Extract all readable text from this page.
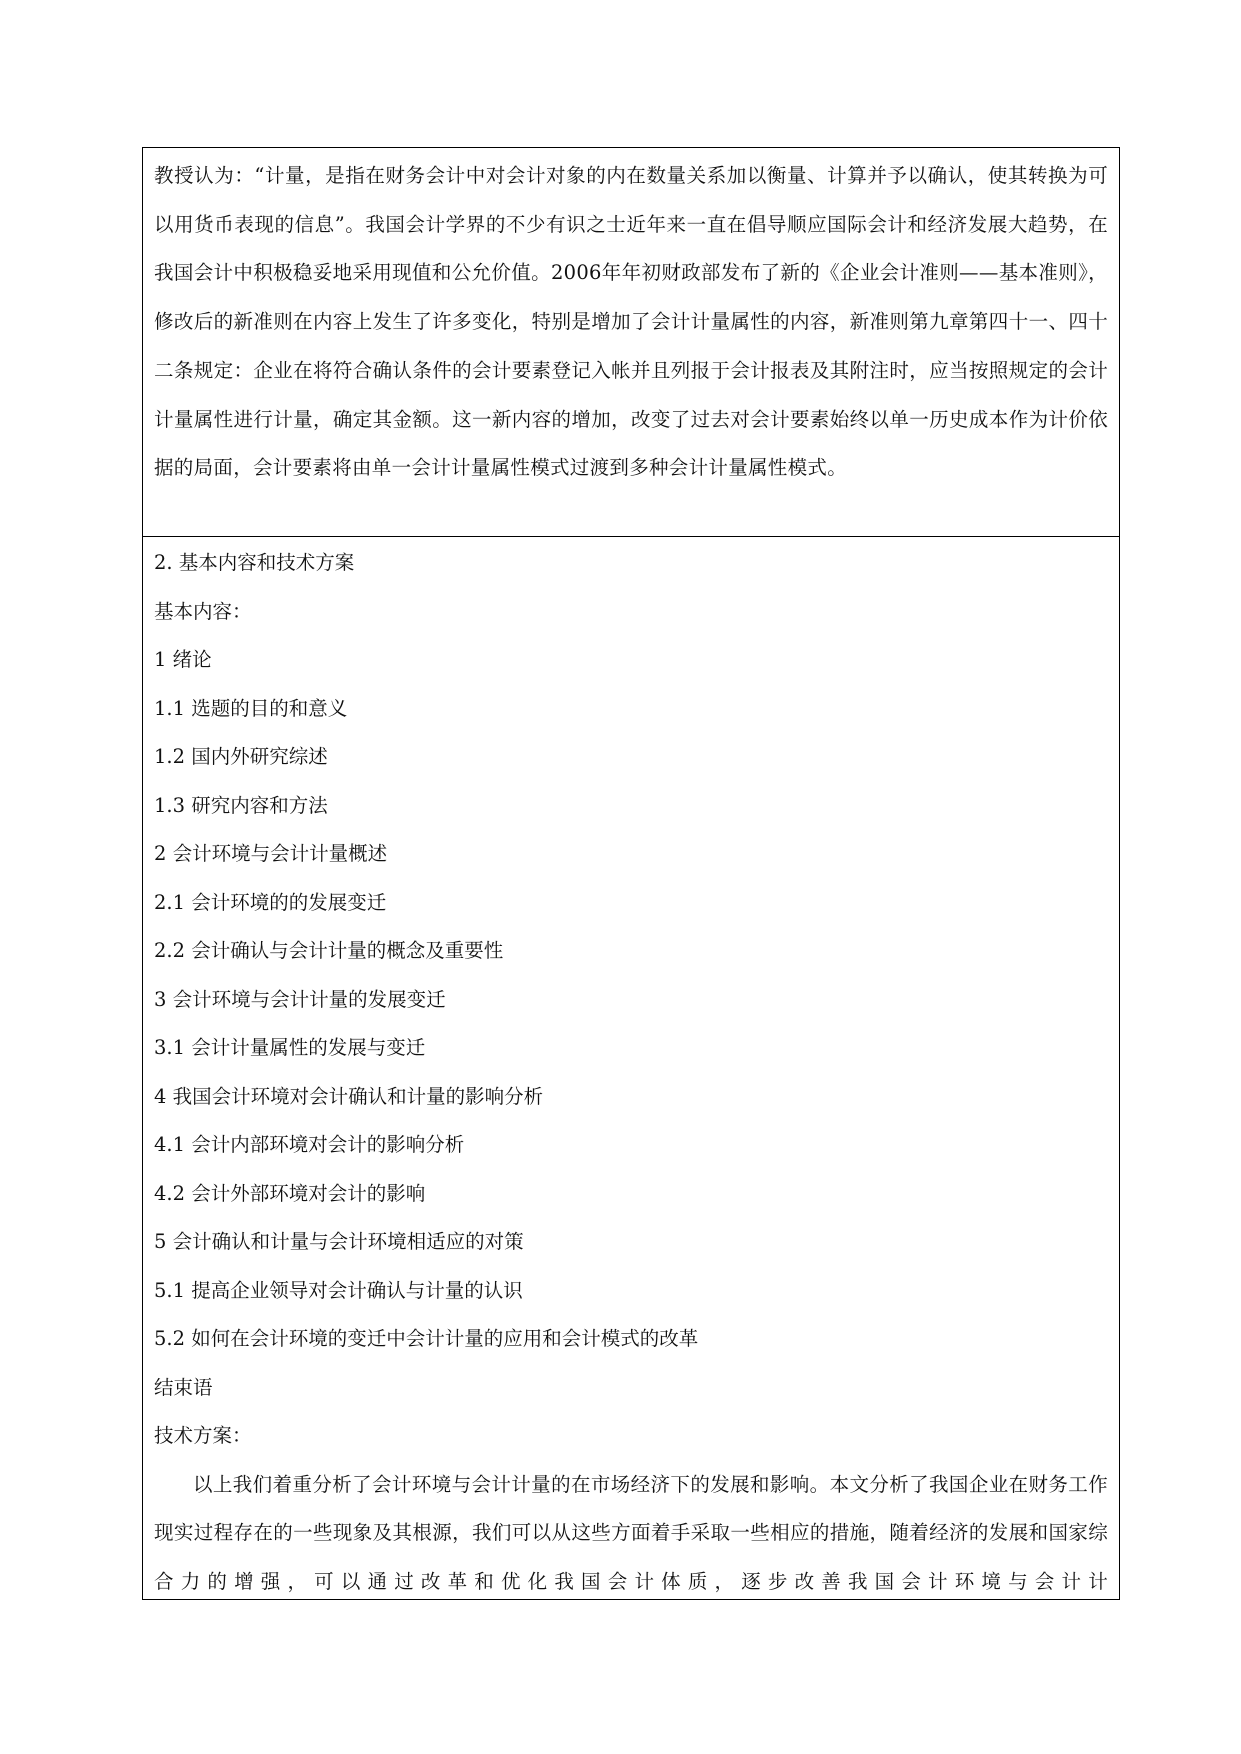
教授认为：“计量，是指在财务会计中对会计对象的内在数量关系加以衡量、计算并予以确认，使其转换为可以用货币表现的信息”。我国会计学界的不少有识之士近年来一直在倡导顺应国际会计和经济发展大趋势，在我国会计中积极稳妥地采用现值和公允价值。2006年年初财政部发布了新的《企业会计准则——基本准则》，修改后的新准则在内容上发生了许多变化，特别是增加了会计计量属性的内容，新准则第九章第四十一、四十二条规定：企业在将符合确认条件的会计要素登记入帐并且列报于会计报表及其附注时，应当按照规定的会计计量属性进行计量，确定其金额。这一新内容的增加，改变了过去对会计要素始终以单一历史成本作为计价依据的局面，会计要素将由单一会计计量属性模式过渡到多种会计计量属性模式。

2. 基本内容和技术方案

基本内容：

1 绪论

1.1 选题的目的和意义

1.2 国内外研究综述

1.3 研究内容和方法

2 会计环境与会计计量概述

2.1 会计环境的的发展变迁

2.2 会计确认与会计计量的概念及重要性

3 会计环境与会计计量的发展变迁

3.1 会计计量属性的发展与变迁

4 我国会计环境对会计确认和计量的影响分析

4.1 会计内部环境对会计的影响分析

4.2 会计外部环境对会计的影响

5 会计确认和计量与会计环境相适应的对策

5.1 提高企业领导对会计确认与计量的认识

5.2 如何在会计环境的变迁中会计计量的应用和会计模式的改革

结束语

技术方案：

以上我们着重分析了会计环境与会计计量的在市场经济下的发展和影响。本文分析了我国企业在财务工作现实过程存在的一些现象及其根源，我们可以从这些方面着手采取一些相应的措施，随着经济的发展和国家综合力的增强，可以通过改革和优化我国会计体质，逐步改善我国会计环境与会计计
